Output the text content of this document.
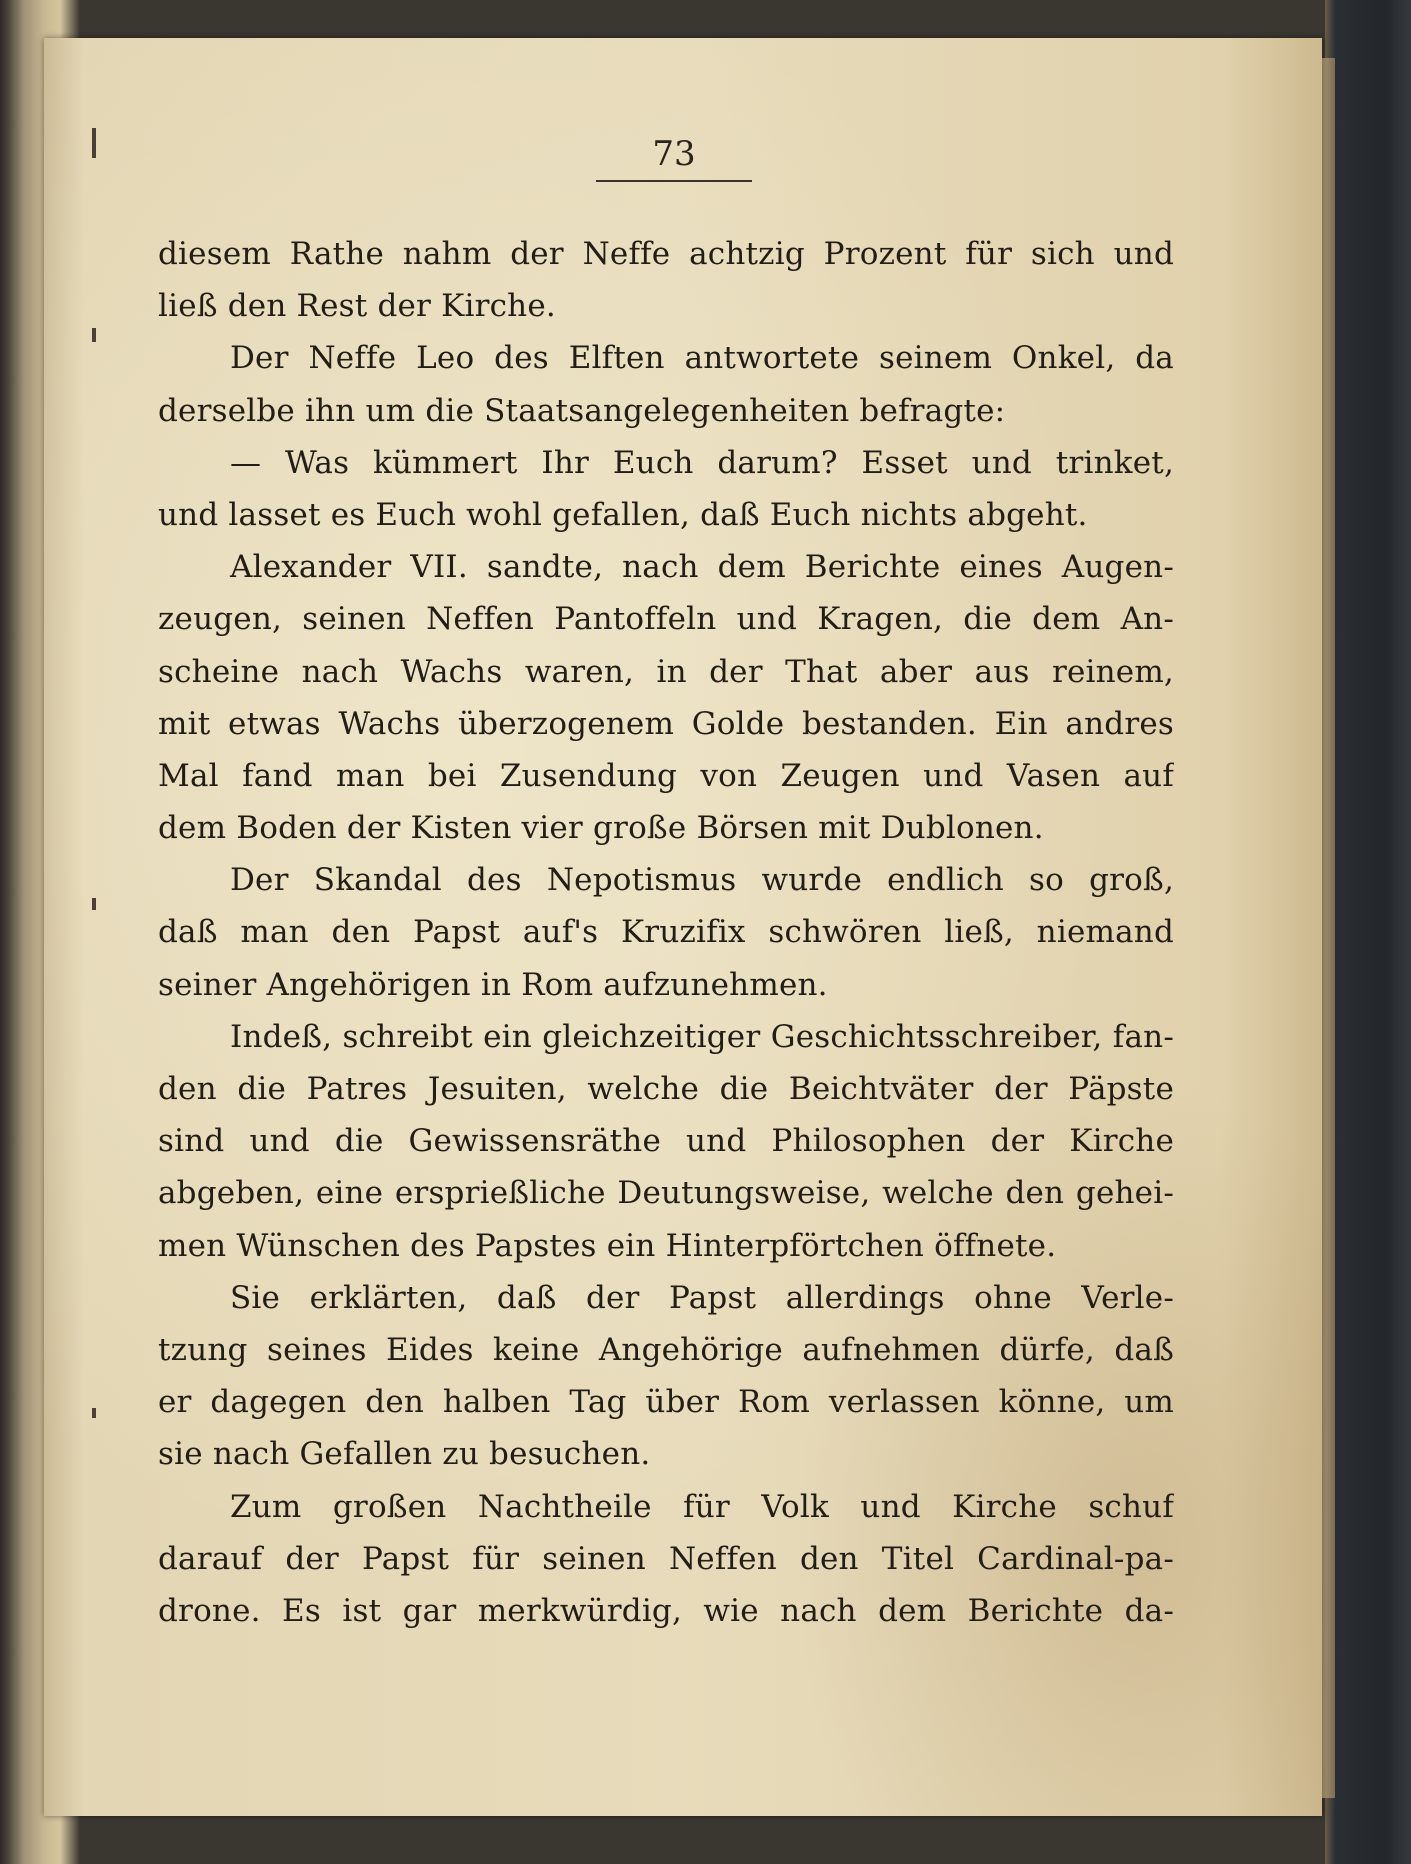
73
diesem Rathe nahm der Neffe achtzig Prozent für sich und
ließ den Rest der Kirche.
Der Neffe Leo des Elften antwortete seinem Onkel, da
derselbe ihn um die Staatsangelegenheiten befragte:
— Was kümmert Ihr Euch darum? Esset und trinket,
und lasset es Euch wohl gefallen, daß Euch nichts abgeht.
Alexander VII. sandte, nach dem Berichte eines Augen-
zeugen, seinen Neffen Pantoffeln und Kragen, die dem An-
scheine nach Wachs waren, in der That aber aus reinem,
mit etwas Wachs überzogenem Golde bestanden. Ein andres
Mal fand man bei Zusendung von Zeugen und Vasen auf
dem Boden der Kisten vier große Börsen mit Dublonen.
Der Skandal des Nepotismus wurde endlich so groß,
daß man den Papst auf's Kruzifix schwören ließ, niemand
seiner Angehörigen in Rom aufzunehmen.
Indeß, schreibt ein gleichzeitiger Geschichtsschreiber, fan-
den die Patres Jesuiten, welche die Beichtväter der Päpste
sind und die Gewissensräthe und Philosophen der Kirche
abgeben, eine ersprießliche Deutungsweise, welche den gehei-
men Wünschen des Papstes ein Hinterpförtchen öffnete.
Sie erklärten, daß der Papst allerdings ohne Verle-
tzung seines Eides keine Angehörige aufnehmen dürfe, daß
er dagegen den halben Tag über Rom verlassen könne, um
sie nach Gefallen zu besuchen.
Zum großen Nachtheile für Volk und Kirche schuf
darauf der Papst für seinen Neffen den Titel Cardinal-pa-
drone. Es ist gar merkwürdig, wie nach dem Berichte da-
